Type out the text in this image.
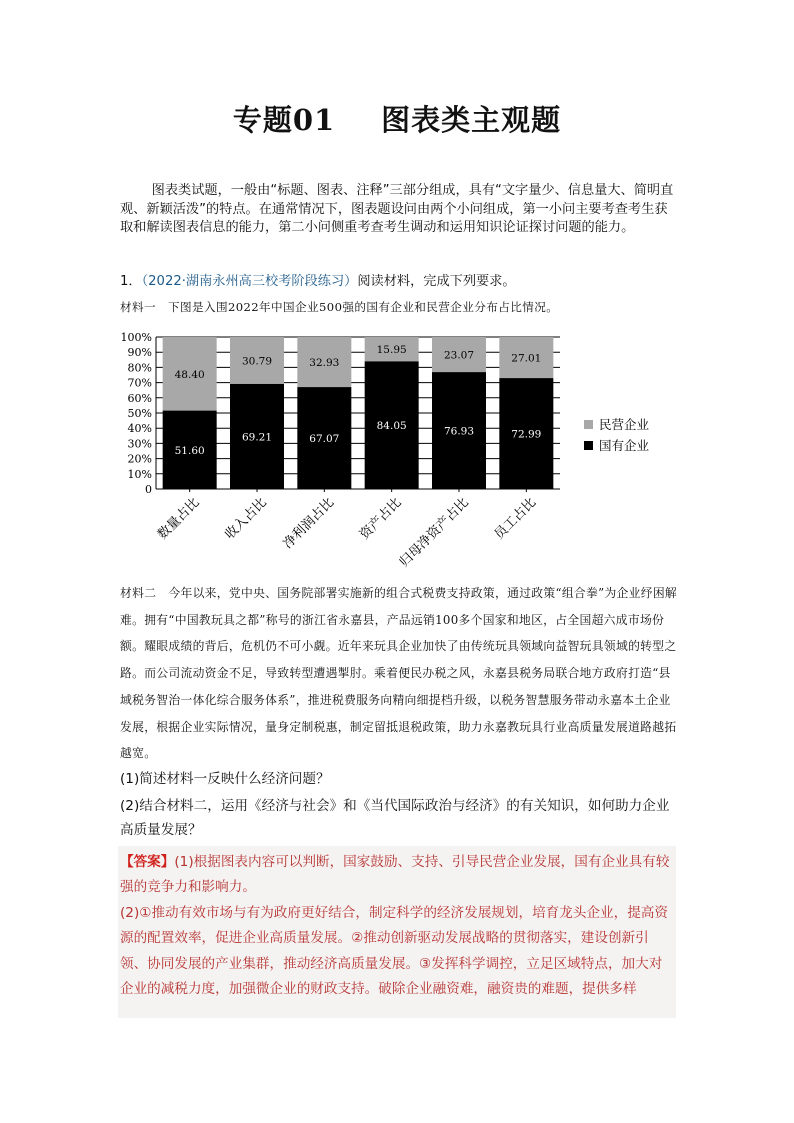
专题01 图表类主观题
图表类试题，一般由“标题、图表、注释”三部分组成，具有“文字量少、信息量大、简明直观、新颖活泼”的特点。在通常情况下，图表题设问由两个小问组成，第一小问主要考查考生获取和解读图表信息的能力，第二小问侧重考查考生调动和运用知识论证探讨问题的能力。
1．（2022·湖南永州高三校考阶段练习）阅读材料，完成下列要求。
材料一　下图是入围2022年中国企业500强的国有企业和民营企业分布占比情况。
51.60
48.40
69.21
30.79
67.07
32.93
84.05
15.95
76.93
23.07
72.99
27.01
0
10%
20%
30%
40%
50%
60%
70%
80%
90%
100%
数量占比 收入占比 净利润占比 资产占比
归母净资产占比 员工占比
民营企业
国有企业
材料二　今年以来，党中央、国务院部署实施新的组合式税费支持政策，通过政策“组合拳”为企业纾困解难。拥有“中国教玩具之都”称号的浙江省永嘉县，产品远销100多个国家和地区，占全国超六成市场份额。耀眼成绩的背后，危机仍不可小觑。近年来玩具企业加快了由传统玩具领域向益智玩具领域的转型之路。而公司流动资金不足，导致转型遭遇掣肘。乘着便民办税之风，永嘉县税务局联合地方政府打造“县域税务智治一体化综合服务体系”，推进税费服务向精向细提档升级，以税务智慧服务带动永嘉本土企业发展，根据企业实际情况，量身定制税惠，制定留抵退税政策，助力永嘉教玩具行业高质量发展道路越拓越宽。
(1)简述材料一反映什么经济问题？
(2)结合材料二，运用《经济与社会》和《当代国际政治与经济》的有关知识，如何助力企业高质量发展？

【答案】(1)根据图表内容可以判断，国家鼓励、支持、引导民营企业发展，国有企业具有较强的竞争力和影响力。

(2)①推动有效市场与有为政府更好结合，制定科学的经济发展规划，培育龙头企业，提高资源的配置效率，促进企业高质量发展。②推动创新驱动发展战略的贯彻落实，建设创新引领、协同发展的产业集群，推动经济高质量发展。③发挥科学调控，立足区域特点，加大对企业的减税力度，加强微企业的财政支持。破除企业融资难，融资贵的难题，提供多样
